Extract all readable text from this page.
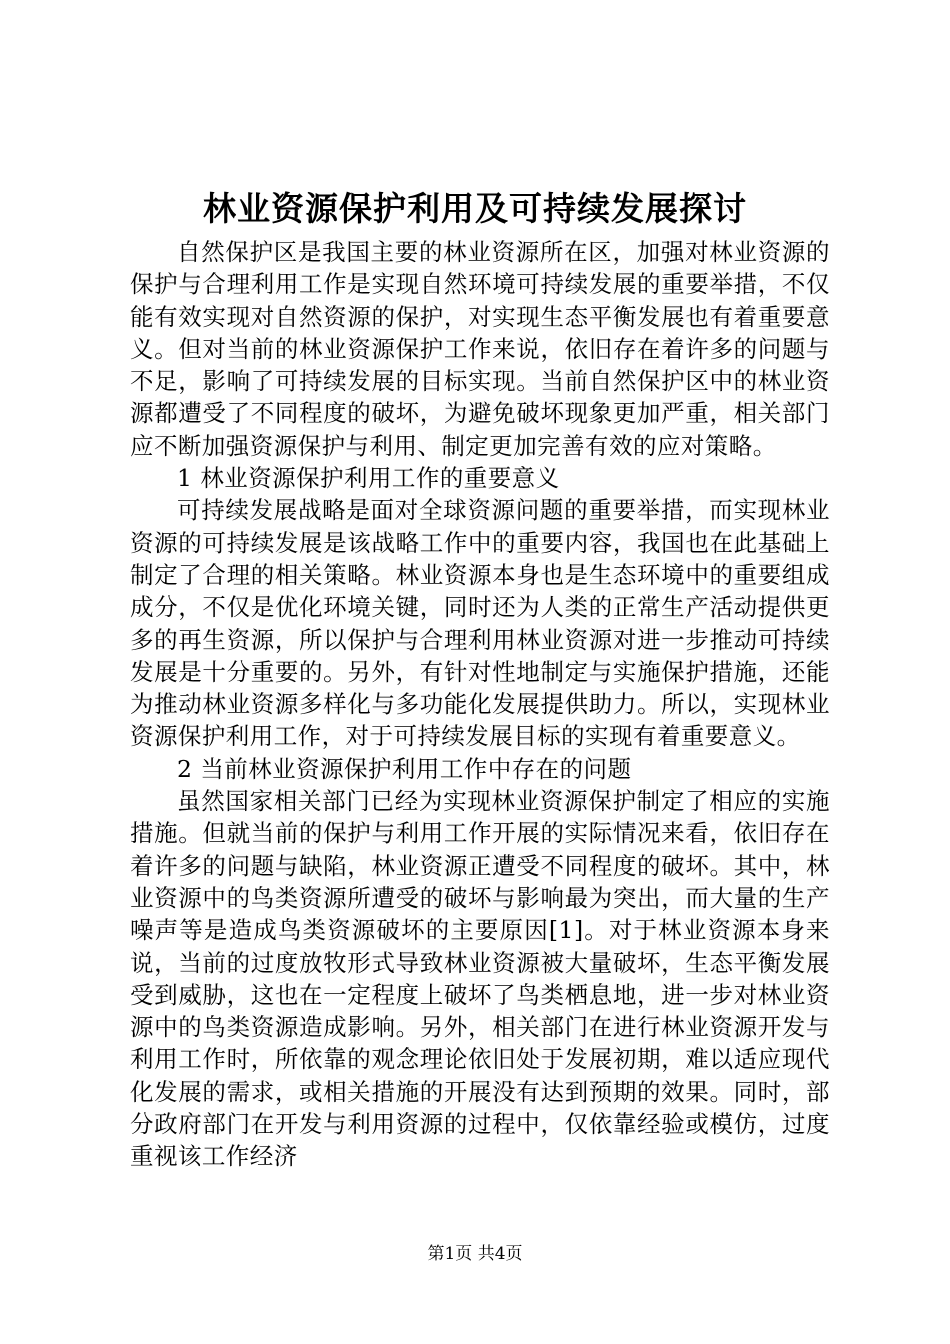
林业资源保护利用及可持续发展探讨

自然保护区是我国主要的林业资源所在区，加强对林业资源的保护与合理利用工作是实现自然环境可持续发展的重要举措，不仅能有效实现对自然资源的保护，对实现生态平衡发展也有着重要意义。但对当前的林业资源保护工作来说，依旧存在着许多的问题与不足，影响了可持续发展的目标实现。当前自然保护区中的林业资源都遭受了不同程度的破坏，为避免破坏现象更加严重，相关部门应不断加强资源保护与利用、制定更加完善有效的应对策略。

1 林业资源保护利用工作的重要意义

可持续发展战略是面对全球资源问题的重要举措，而实现林业资源的可持续发展是该战略工作中的重要内容，我国也在此基础上制定了合理的相关策略。林业资源本身也是生态环境中的重要组成成分，不仅是优化环境关键，同时还为人类的正常生产活动提供更多的再生资源，所以保护与合理利用林业资源对进一步推动可持续发展是十分重要的。另外，有针对性地制定与实施保护措施，还能为推动林业资源多样化与多功能化发展提供助力。所以，实现林业资源保护利用工作，对于可持续发展目标的实现有着重要意义。

2 当前林业资源保护利用工作中存在的问题

虽然国家相关部门已经为实现林业资源保护制定了相应的实施措施。但就当前的保护与利用工作开展的实际情况来看，依旧存在着许多的问题与缺陷，林业资源正遭受不同程度的破坏。其中，林业资源中的鸟类资源所遭受的破坏与影响最为突出，而大量的生产噪声等是造成鸟类资源破坏的主要原因[1]。对于林业资源本身来说，当前的过度放牧形式导致林业资源被大量破坏，生态平衡发展受到威胁，这也在一定程度上破坏了鸟类栖息地，进一步对林业资源中的鸟类资源造成影响。另外，相关部门在进行林业资源开发与利用工作时，所依靠的观念理论依旧处于发展初期，难以适应现代化发展的需求，或相关措施的开展没有达到预期的效果。同时，部分政府部门在开发与利用资源的过程中，仅依靠经验或模仿，过度重视该工作经济

第1页 共4页
